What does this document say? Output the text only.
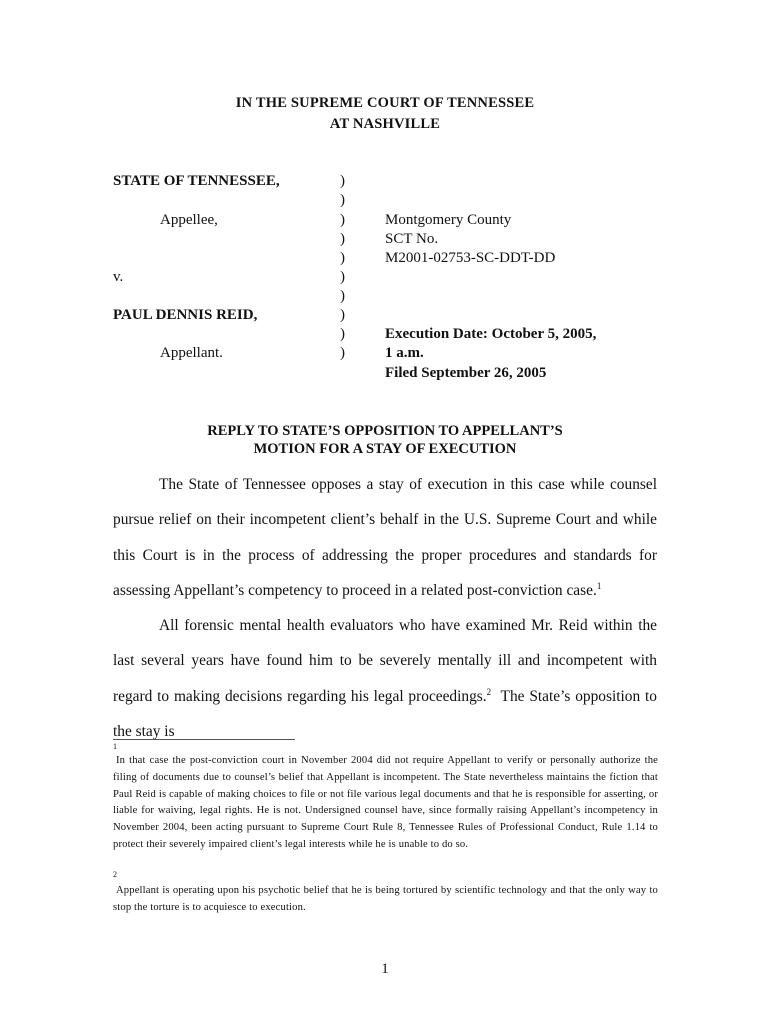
IN THE SUPREME COURT OF TENNESSEE
AT NASHVILLE
STATE OF TENNESSEE,
Appellee,
v.
PAUL DENNIS REID,
Appellant.
)
)
)
)
)
)
)
)
)
)
Montgomery County
SCT No.
M2001-02753-SC-DDT-DD
Execution Date: October 5, 2005,
1 a.m.
Filed September 26, 2005
REPLY TO STATE’S OPPOSITION TO APPELLANT’S
MOTION FOR A STAY OF EXECUTION

The State of Tennessee opposes a stay of execution in this case while counsel pursue relief on their incompetent client’s behalf in the U.S. Supreme Court and while this Court is in the process of addressing the proper procedures and standards for assessing Appellant’s competency to proceed in a related post-conviction case.$^1$

All forensic mental health evaluators who have examined Mr. Reid within the last several years have found him to be severely mentally ill and incompetent with regard to making decisions regarding his legal proceedings.$^2$ The State’s opposition to the stay is

1
In that case the post-conviction court in November 2004 did not require Appellant to verify or personally authorize the filing of documents due to counsel’s belief that Appellant is incompetent. The State nevertheless maintains the fiction that Paul Reid is capable of making choices to file or not file various legal documents and that he is responsible for asserting, or liable for waiving, legal rights. He is not. Undersigned counsel have, since formally raising Appellant’s incompetency in November 2004, been acting pursuant to Supreme Court Rule 8, Tennessee Rules of Professional Conduct, Rule 1.14 to protect their severely impaired client’s legal interests while he is unable to do so.
2
Appellant is operating upon his psychotic belief that he is being tortured by scientific technology and that the only way to stop the torture is to acquiesce to execution.
1
